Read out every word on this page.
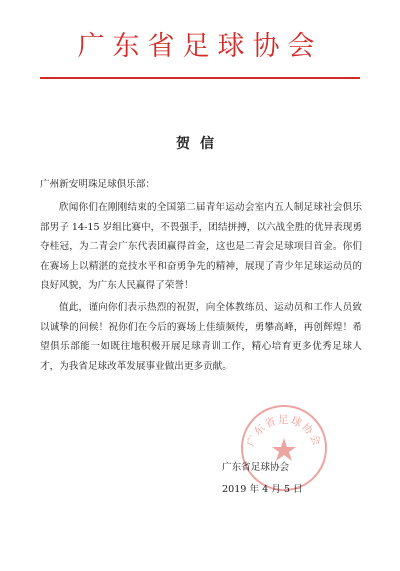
广东省足球协会
贺信
广州新安明珠足球俱乐部：

欣闻你们在刚刚结束的全国第二届青年运动会室内五人制足球社会俱乐部男子 14-15 岁组比赛中，不畏强手，团结拼搏，以六战全胜的优异表现勇夺桂冠，为二青会广东代表团赢得首金，这也是二青会足球项目首金。你们在赛场上以精湛的竞技水平和奋勇争先的精神，展现了青少年足球运动员的良好风貌，为广东人民赢得了荣誉！

值此，谨向你们表示热烈的祝贺，向全体教练员、运动员和工作人员致以诚挚的问候！祝你们在今后的赛场上佳绩频传，勇攀高峰，再创辉煌！希望俱乐部能一如既往地积极开展足球青训工作，精心培育更多优秀足球人才，为我省足球改革发展事业做出更多贡献。

广东省足球协会
广东省足球协会
2019 年 4 月 5 日
